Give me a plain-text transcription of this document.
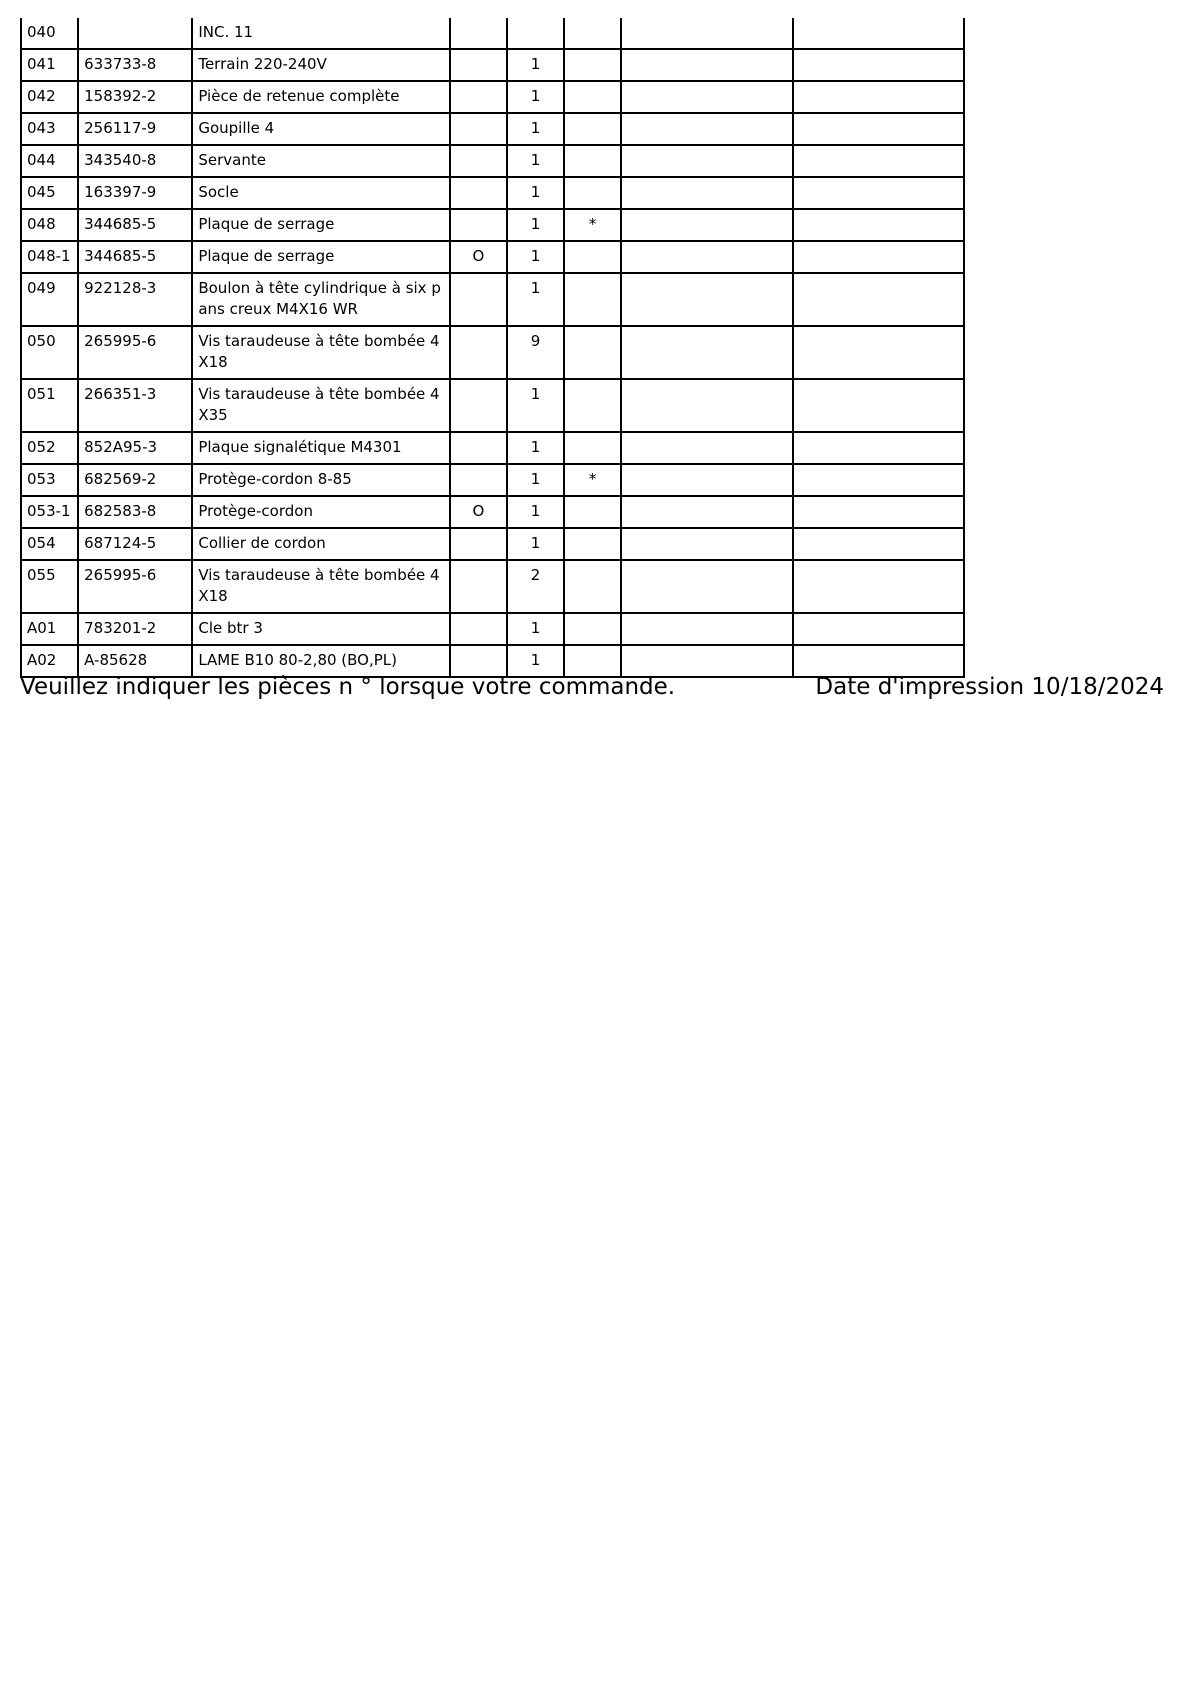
040		INC. 11					
041	633733-8	Terrain 220-240V		1			
042	158392-2	Pièce de retenue complète		1			
043	256117-9	Goupille 4		1			
044	343540-8	Servante		1			
045	163397-9	Socle		1			
048	344685-5	Plaque de serrage		1	*		
048-1	344685-5	Plaque de serrage	O	1			
049	922128-3	Boulon à tête cylindrique à six pans creux M4X16 WR		1			
050	265995-6	Vis taraudeuse à tête bombée 4X18		9			
051	266351-3	Vis taraudeuse à tête bombée 4X35		1			
052	852A95-3	Plaque signalétique M4301		1			
053	682569-2	Protège-cordon 8-85		1	*		
053-1	682583-8	Protège-cordon	O	1			
054	687124-5	Collier de cordon		1			
055	265995-6	Vis taraudeuse à tête bombée 4X18		2			
A01	783201-2	Cle btr 3		1			
A02	A-85628	LAME B10 80-2,80 (BO,PL)		1			
Veuillez indiquer les pièces n ° lorsque votre commande.	Date d'impression 10/18/2024
